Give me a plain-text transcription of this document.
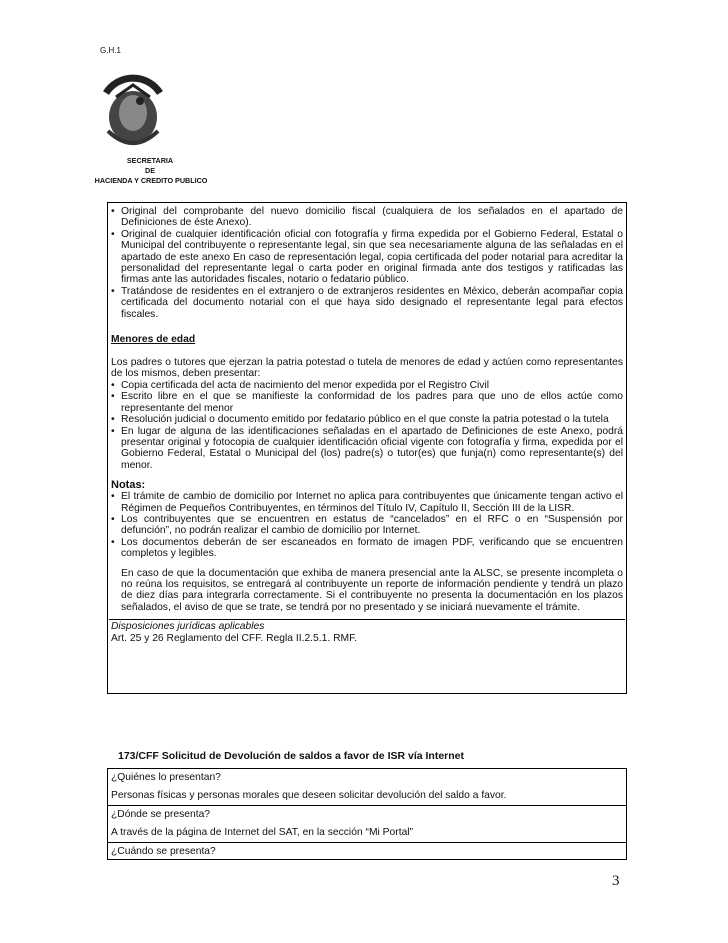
G.H.1
SECRETARIA
DE
HACIENDA Y CREDITO PUBLICO
• Original del comprobante del nuevo domicilio fiscal (cualquiera de los señalados en el apartado de Definiciones de éste Anexo).
• Original de cualquier identificación oficial con fotografía y firma expedida por el Gobierno Federal, Estatal o Municipal del contribuyente o representante legal, sin que sea necesariamente alguna de las señaladas en el apartado de este anexo En caso de representación legal, copia certificada del poder notarial para acreditar la personalidad del representante legal o carta poder en original firmada ante dos testigos y ratificadas las firmas ante las autoridades fiscales, notario o fedatario público.
• Tratándose de residentes en el extranjero o de extranjeros residentes en México, deberán acompañar copia certificada del documento notarial con el que haya sido designado el representante legal para efectos fiscales.
Menores de edad
Los padres o tutores que ejerzan la patria potestad o tutela de menores de edad y actúen como representantes de los mismos, deben presentar:
• Copia certificada del acta de nacimiento del menor expedida por el Registro Civil
• Escrito libre en el que se manifieste la conformidad de los padres para que uno de ellos actúe como representante del menor
• Resolución judicial o documento emitido por fedatario público en el que conste la patria potestad o la tutela
• En lugar de alguna de las identificaciones señaladas en el apartado de Definiciones de este Anexo, podrá presentar original y fotocopia de cualquier identificación oficial vigente con fotografía y firma, expedida por el Gobierno Federal, Estatal o Municipal del (los) padre(s) o tutor(es) que funja(n) como representante(s) del menor.
Notas:
• El trámite de cambio de domicilio por Internet no aplica para contribuyentes que únicamente tengan activo el Régimen de Pequeños Contribuyentes, en términos del Título IV, Capítulo II, Sección III de la LISR.
• Los contribuyentes que se encuentren en estatus de “cancelados” en el RFC o en “Suspensión por defunción”, no podrán realizar el cambio de domicilio por Internet.
• Los documentos deberán de ser escaneados en formato de imagen PDF, verificando que se encuentren completos y legibles.
En caso de que la documentación que exhiba de manera presencial ante la ALSC, se presente incompleta o no reúna los requisitos, se entregará al contribuyente un reporte de información pendiente y tendrá un plazo de diez días para integrarla correctamente. Si el contribuyente no presenta la documentación en los plazos señalados, el aviso de que se trate, se tendrá por no presentado y se iniciará nuevamente el trámite.
Disposiciones jurídicas aplicables
Art. 25 y 26 Reglamento del CFF. Regla II.2.5.1. RMF.
173/CFF Solicitud de Devolución de saldos a favor de ISR vía Internet
¿Quiénes lo presentan?
Personas físicas y personas morales que deseen solicitar devolución del saldo a favor.
¿Dónde se presenta?
A través de la página de Internet del SAT, en la sección “Mi Portal”
¿Cuándo se presenta?
3
